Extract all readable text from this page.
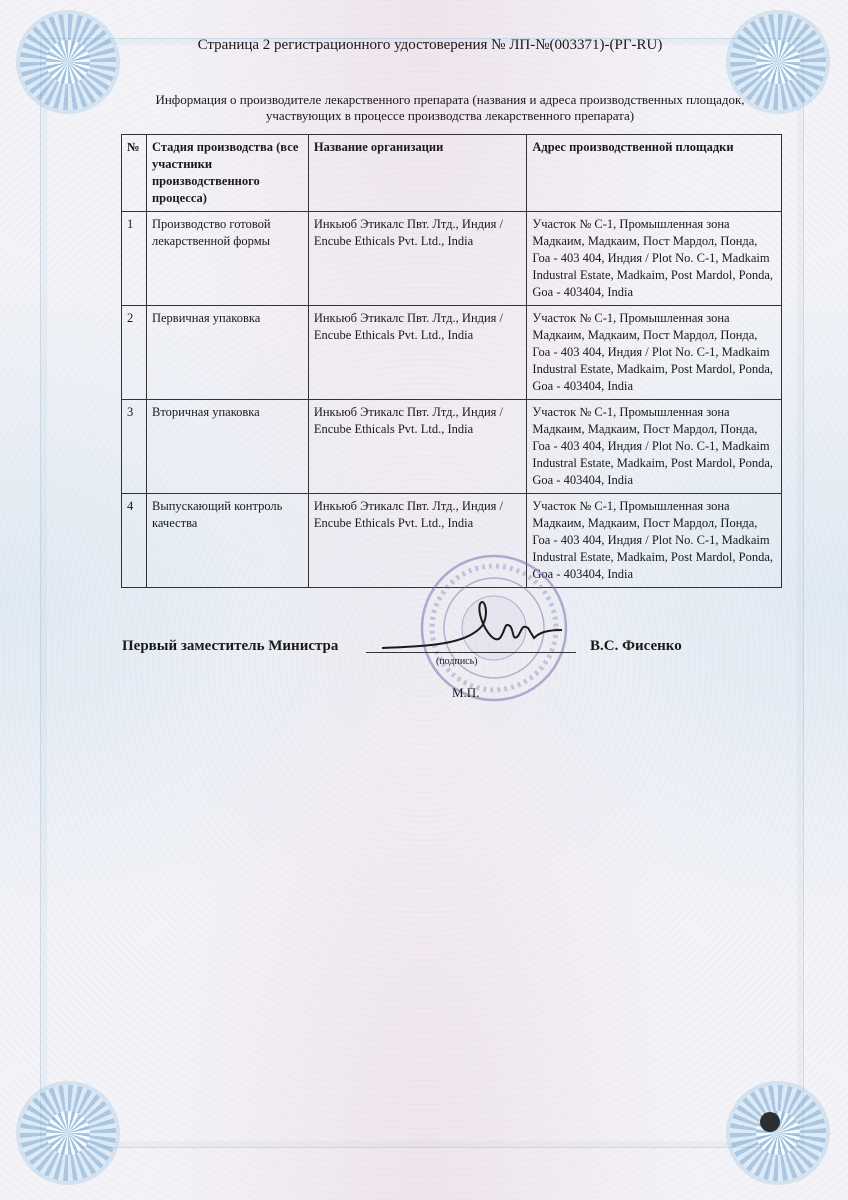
Страница 2 регистрационного удостоверения № ЛП-№(003371)-(РГ-RU)
Информация о производителе лекарственного препарата (названия и адреса производственных площадок,
участвующих в процессе производства лекарственного препарата)
№	Стадия производства (все участники производственного процесса)	Название организации	Адрес производственной площадки
1	Производство готовой лекарственной формы	Инкьюб Этикалс Пвт. Лтд., Индия / Encube Ethicals Pvt. Ltd., India	Участок № С-1, Промышленная зона Мадкаим, Мадкаим, Пост Мардол, Понда, Гоа - 403 404, Индия / Plot No. C-1, Madkaim Industral Estate, Madkaim, Post Mardol, Ponda, Goa - 403404, India
2	Первичная упаковка	Инкьюб Этикалс Пвт. Лтд., Индия / Encube Ethicals Pvt. Ltd., India	Участок № С-1, Промышленная зона Мадкаим, Мадкаим, Пост Мардол, Понда, Гоа - 403 404, Индия / Plot No. C-1, Madkaim Industral Estate, Madkaim, Post Mardol, Ponda, Goa - 403404, India
3	Вторичная упаковка	Инкьюб Этикалс Пвт. Лтд., Индия / Encube Ethicals Pvt. Ltd., India	Участок № С-1, Промышленная зона Мадкаим, Мадкаим, Пост Мардол, Понда, Гоа - 403 404, Индия / Plot No. C-1, Madkaim Industral Estate, Madkaim, Post Mardol, Ponda, Goa - 403404, India
4	Выпускающий контроль качества	Инкьюб Этикалс Пвт. Лтд., Индия / Encube Ethicals Pvt. Ltd., India	Участок № С-1, Промышленная зона Мадкаим, Мадкаим, Пост Мардол, Понда, Гоа - 403 404, Индия / Plot No. C-1, Madkaim Industral Estate, Madkaim, Post Mardol, Ponda, Goa - 403404, India
Первый заместитель Министра
(подпись)
В.С. Фисенко
М.П.
